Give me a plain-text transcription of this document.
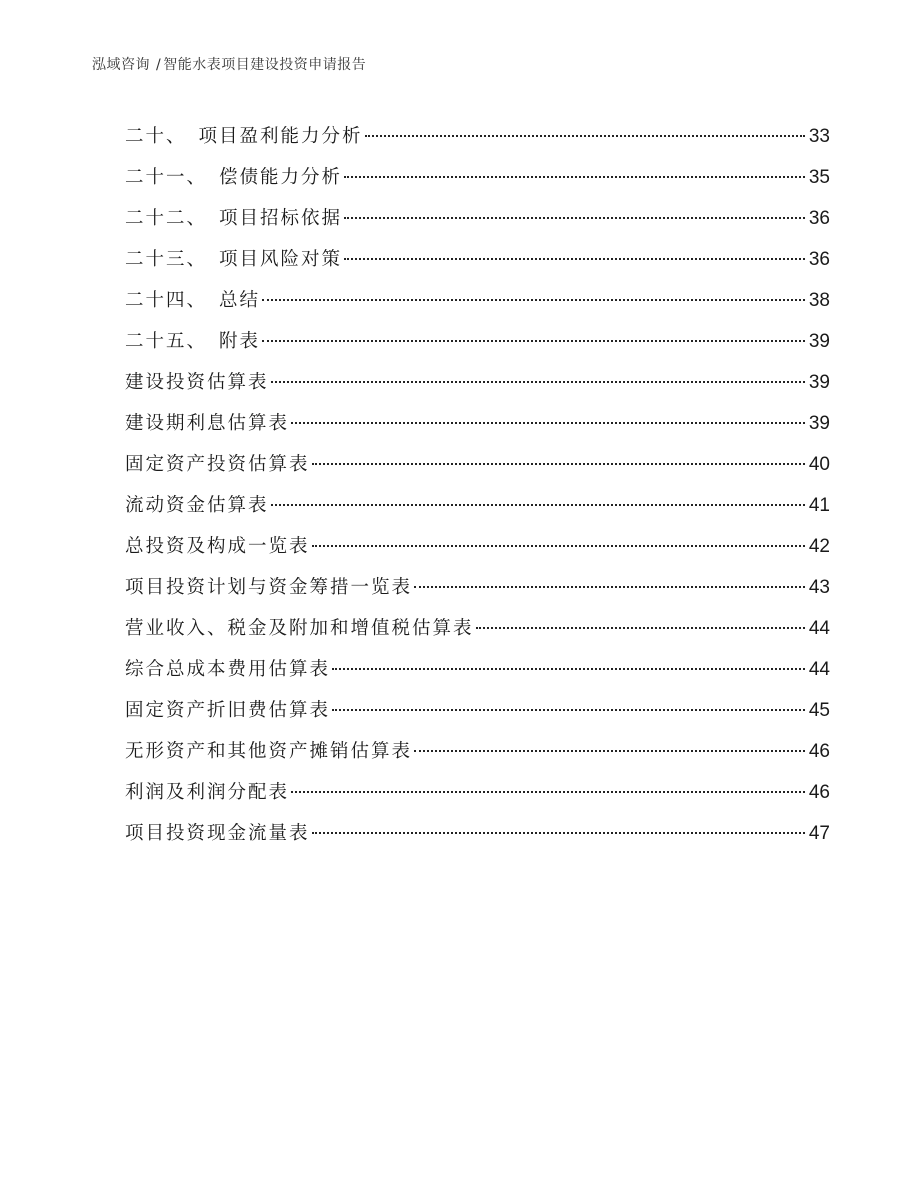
泓域咨询 / 智能水表项目建设投资申请报告
二十、 项目盈利能力分析	33
二十一、 偿债能力分析	35
二十二、 项目招标依据	36
二十三、 项目风险对策	36
二十四、 总结	38
二十五、 附表	39
建设投资估算表	39
建设期利息估算表	39
固定资产投资估算表	40
流动资金估算表	41
总投资及构成一览表	42
项目投资计划与资金筹措一览表	43
营业收入、税金及附加和增值税估算表	44
综合总成本费用估算表	44
固定资产折旧费估算表	45
无形资产和其他资产摊销估算表	46
利润及利润分配表	46
项目投资现金流量表	47
